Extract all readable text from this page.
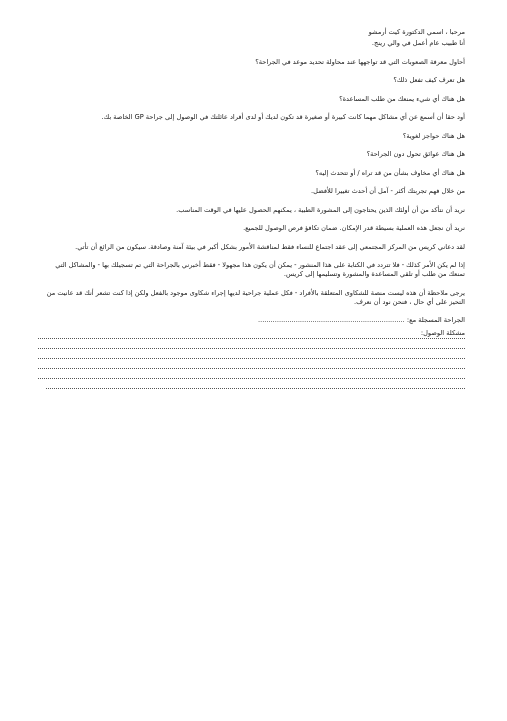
مرحبا ، اسمي الدكتورة كيت أرمشو

أنا طبيب عام أعمل في والي رينج.

أحاول معرفة الصعوبات التي قد تواجهها عند محاولة تحديد موعد في الجراحة؟

هل تعرف كيف تفعل ذلك؟

هل هناك أي شيء يمنعك من طلب المساعدة؟

أود حقا أن أسمع عن أي مشاكل مهما كانت كبيرة أو صغيرة قد تكون لديك أو لدى أفراد عائلتك في الوصول إلى جراحة GP الخاصة بك.

هل هناك حواجز لغوية؟

هل هناك عوائق تحول دون الجراحة؟

هل هناك أي مخاوف بشأن من قد تراه / أو تتحدث إليه؟

من خلال فهم تجربتك أكثر - آمل أن أحدث تغييرا للأفضل.

نريد أن نتأكد من أن أولئك الذين يحتاجون إلى المشورة الطبية ، يمكنهم الحصول عليها في الوقت المناسب.

نريد أن نجعل هذه العملية بسيطة قدر الإمكان. ضمان تكافؤ فرص الوصول للجميع.

لقد دعاني كريس من المركز المجتمعي إلى عقد اجتماع للنساء فقط لمناقشة الأمور بشكل أكبر في بيئة آمنة وصادقة. سيكون من الرائع أن تأتي.

إذا لم يكن الأمر كذلك - فلا تتردد في الكتابة على هذا المنشور - يمكن أن يكون هذا مجهولا - فقط أخبرني بالجراحة التي تم تسجيلك بها - والمشاكل التي تمنعك من طلب أو تلقي المساعدة والمشورة وتسليمها إلى كريس.

يرجى ملاحظة أن هذه ليست منصة للشكاوى المتعلقة بالأفراد - فكل عملية جراحية لديها إجراء شكاوى موجود بالفعل ولكن إذا كنت تشعر أنك قد عانيت من التحيز على أي حال ، فنحن نود أن نعرف.

الجراحة المسجلة مع: ......................................................................

مشكلة الوصول:
